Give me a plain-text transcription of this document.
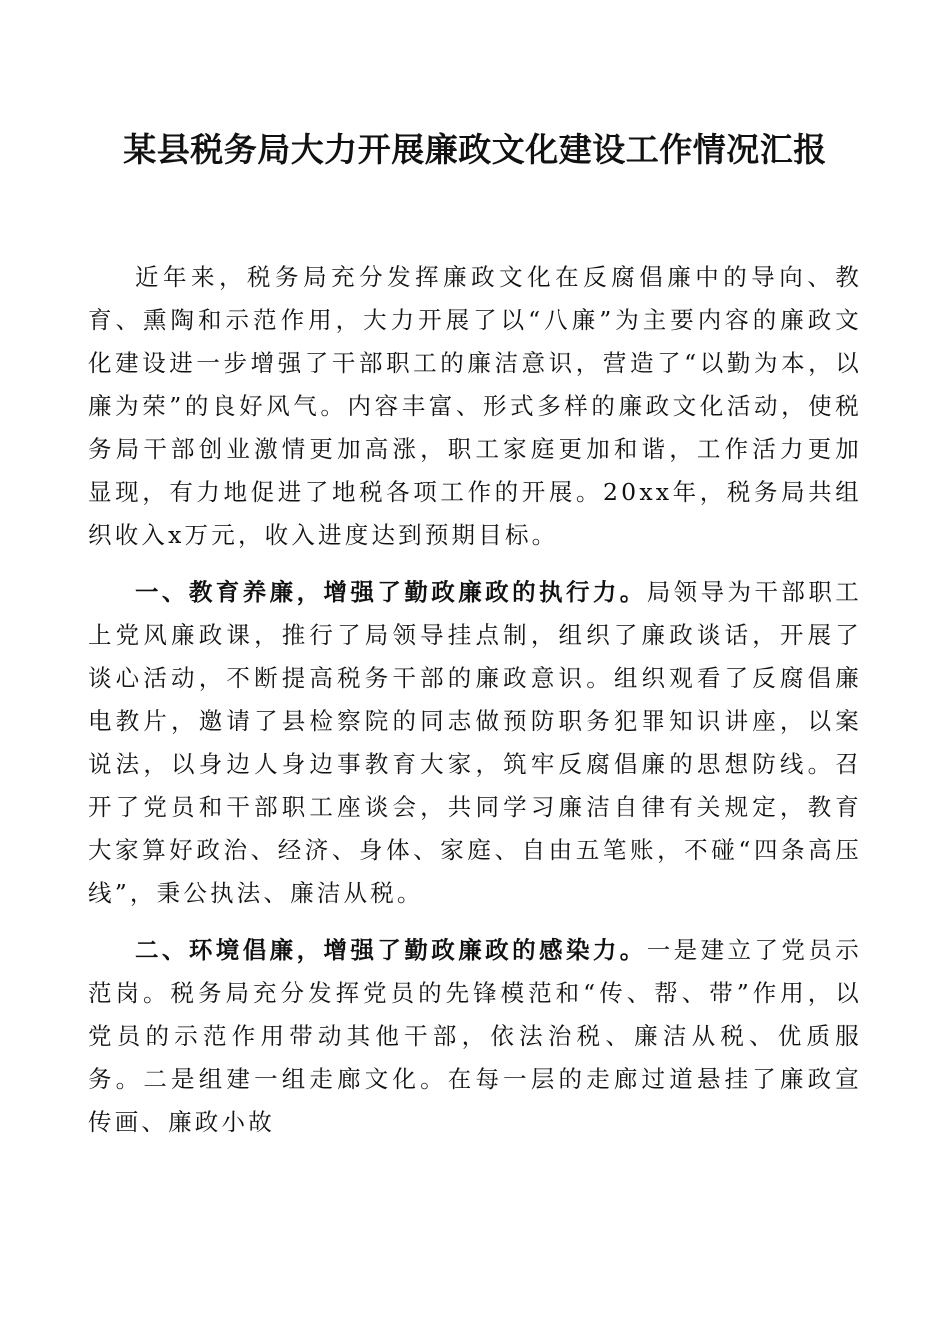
某县税务局大力开展廉政文化建设工作情况汇报

近年来，税务局充分发挥廉政文化在反腐倡廉中的导向、教育、熏陶和示范作用，大力开展了以“八廉”为主要内容的廉政文化建设进一步增强了干部职工的廉洁意识，营造了“以勤为本，以廉为荣”的良好风气。内容丰富、形式多样的廉政文化活动，使税务局干部创业激情更加高涨，职工家庭更加和谐，工作活力更加显现，有力地促进了地税各项工作的开展。20xx年，税务局共组织收入x万元，收入进度达到预期目标。

一、教育养廉，增强了勤政廉政的执行力。局领导为干部职工上党风廉政课，推行了局领导挂点制，组织了廉政谈话，开展了谈心活动，不断提高税务干部的廉政意识。组织观看了反腐倡廉电教片，邀请了县检察院的同志做预防职务犯罪知识讲座，以案说法，以身边人身边事教育大家，筑牢反腐倡廉的思想防线。召开了党员和干部职工座谈会，共同学习廉洁自律有关规定，教育大家算好政治、经济、身体、家庭、自由五笔账，不碰“四条高压线”，秉公执法、廉洁从税。

二、环境倡廉，增强了勤政廉政的感染力。一是建立了党员示范岗。税务局充分发挥党员的先锋模范和“传、帮、带”作用，以党员的示范作用带动其他干部，依法治税、廉洁从税、优质服务。二是组建一组走廊文化。在每一层的走廊过道悬挂了廉政宣传画、廉政小故
